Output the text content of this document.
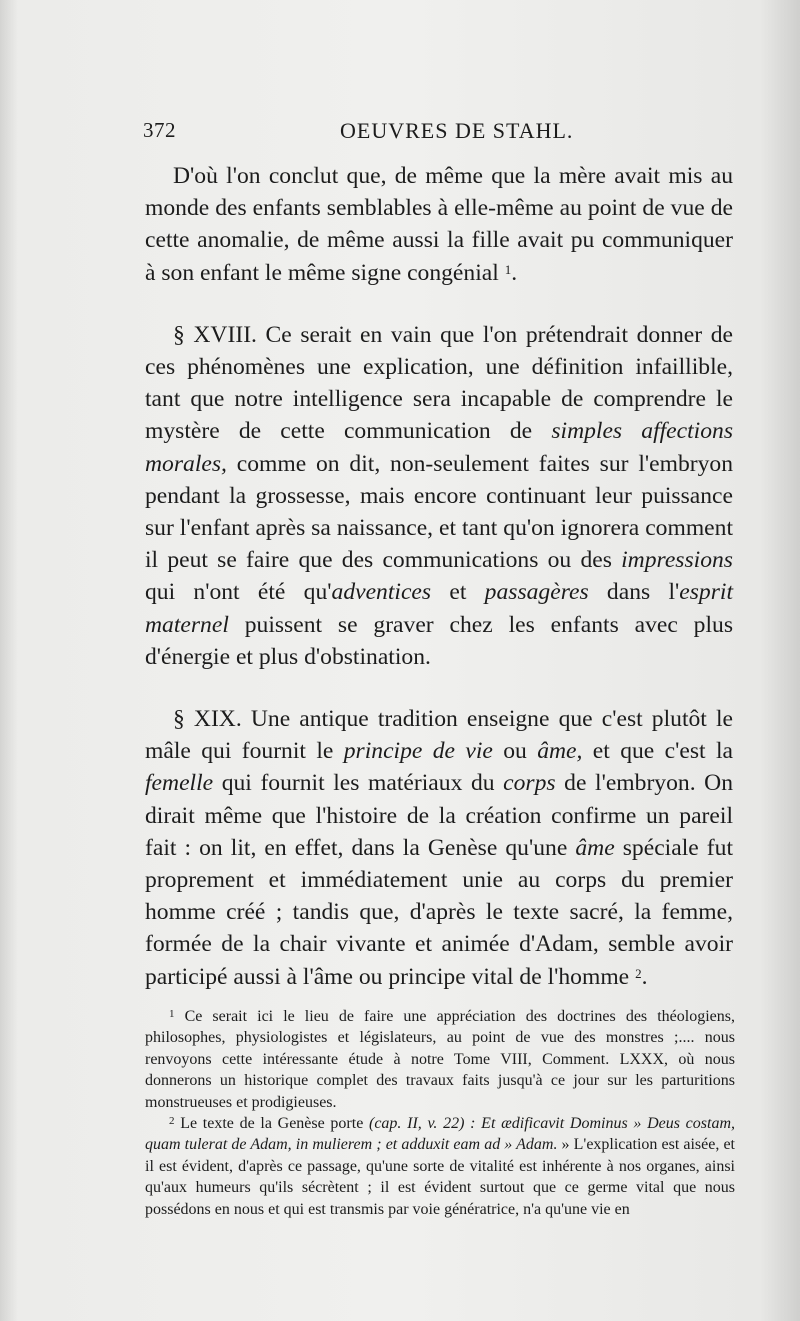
372	OEUVRES DE STAHL.

D'où l'on conclut que, de même que la mère avait mis au monde des enfants semblables à elle-même au point de vue de cette anomalie, de même aussi la fille avait pu communiquer à son enfant le même signe congénial $^1$.

§ XVIII. Ce serait en vain que l'on prétendrait donner de ces phénomènes une explication, une définition infaillible, tant que notre intelligence sera incapable de comprendre le mystère de cette communication de simples affections morales, comme on dit, non-seulement faites sur l'embryon pendant la grossesse, mais encore continuant leur puissance sur l'enfant après sa naissance, et tant qu'on ignorera comment il peut se faire que des communications ou des impressions qui n'ont été qu'adventices et passagères dans l'esprit maternel puissent se graver chez les enfants avec plus d'énergie et plus d'obstination.

§ XIX. Une antique tradition enseigne que c'est plutôt le mâle qui fournit le principe de vie ou âme, et que c'est la femelle qui fournit les matériaux du corps de l'embryon. On dirait même que l'histoire de la création confirme un pareil fait : on lit, en effet, dans la Genèse qu'une âme spéciale fut proprement et immédiatement unie au corps du premier homme créé ; tandis que, d'après le texte sacré, la femme, formée de la chair vivante et animée d'Adam, semble avoir participé aussi à l'âme ou principe vital de l'homme $^2$.

$^1$ Ce serait ici le lieu de faire une appréciation des doctrines des théologiens, philosophes, physiologistes et législateurs, au point de vue des monstres ;.... nous renvoyons cette intéressante étude à notre Tome VIII, Comment. LXXX, où nous donnerons un historique complet des travaux faits jusqu'à ce jour sur les parturitions monstrueuses et prodigieuses.

$^2$ Le texte de la Genèse porte (cap. II, v. 22) : Et ædificavit Dominus » Deus costam, quam tulerat de Adam, in mulierem ; et adduxit eam ad » Adam. » L'explication est aisée, et il est évident, d'après ce passage, qu'une sorte de vitalité est inhérente à nos organes, ainsi qu'aux humeurs qu'ils sécrètent ; il est évident surtout que ce germe vital que nous possédons en nous et qui est transmis par voie génératrice, n'a qu'une vie en
